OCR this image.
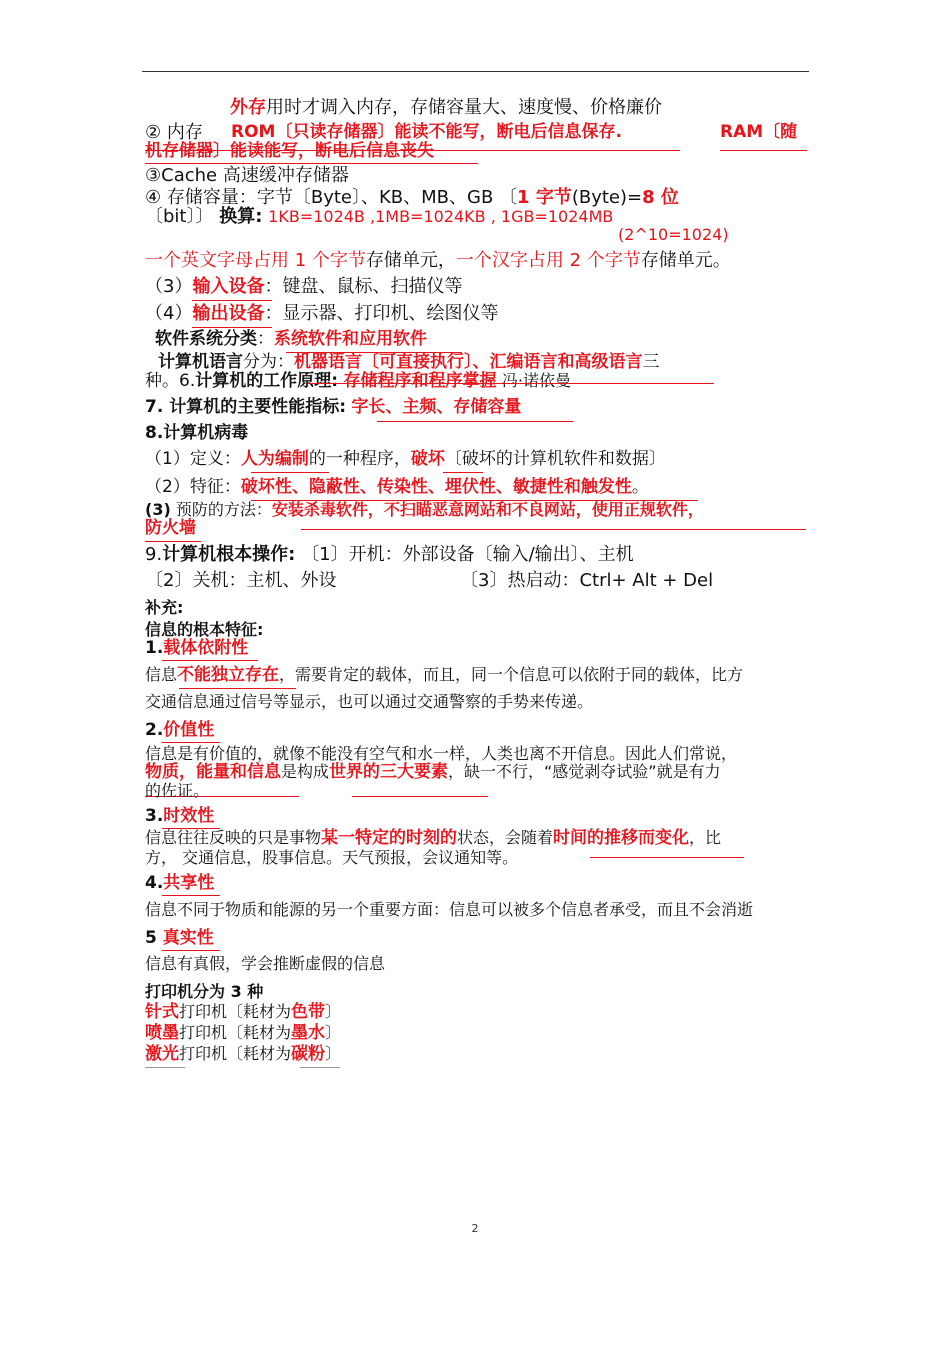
外存用时才调入内存，存储容量大、速度慢、价格廉价
② 内存 ROM〔只读存储器〕能读不能写，断电后信息保存.	RAM〔随
机存储器〕能读能写，断电后信息丧失
③Cache 高速缓冲存储器
④ 存储容量：字节〔Byte〕、KB、MB、GB 〔1 字节(Byte)=8 位
〔bit〕〕 换算: 1KB=1024B ,1MB=1024KB , 1GB=1024MB
(2^10=1024)
一个英文字母占用 1 个字节存储单元，一个汉字占用 2 个字节存储单元。
（3）输入设备：键盘、鼠标、扫描仪等
（4）输出设备：显示器、打印机、绘图仪等
软件系统分类：系统软件和应用软件
计算机语言分为：机器语言〔可直接执行〕、汇编语言和高级语言三
种。6.计算机的工作原理: 存储程序和程序掌握 冯·诺依曼
7. 计算机的主要性能指标: 字长、主频、存储容量
8.计算机病毒
（1）定义：人为编制的一种程序，破坏〔破坏的计算机软件和数据〕
（2）特征：破坏性、隐蔽性、传染性、埋伏性、敏捷性和触发性。
(3) 预防的方法：安装杀毒软件，不扫瞄恶意网站和不良网站，使用正规软件，
防火墙
9.计算机根本操作: 〔1〕开机：外部设备〔输入/输出〕、主机
〔2〕关机：主机、外设	〔3〕热启动：Ctrl+ Alt + Del
补充:
信息的根本特征:
1.载体依附性
信息不能独立存在，需要肯定的载体，而且，同一个信息可以依附于同的载体，比方
交通信息通过信号等显示，也可以通过交通警察的手势来传递。
2.价值性
信息是有价值的，就像不能没有空气和水一样，人类也离不开信息。因此人们常说，
物质，能量和信息是构成世界的三大要素，缺一不行，“感觉剥夺试验”就是有力
的佐证。
3.时效性
信息往往反映的只是事物某一特定的时刻的状态，会随着时间的推移而变化，比
方， 交通信息，股事信息。天气预报，会议通知等。
4.共享性
信息不同于物质和能源的另一个重要方面：信息可以被多个信息者承受，而且不会消逝
5 真实性
信息有真假，学会推断虚假的信息
打印机分为 3 种
针式打印机〔耗材为色带〕
喷墨打印机〔耗材为墨水〕
激光打印机〔耗材为碳粉〕
2
